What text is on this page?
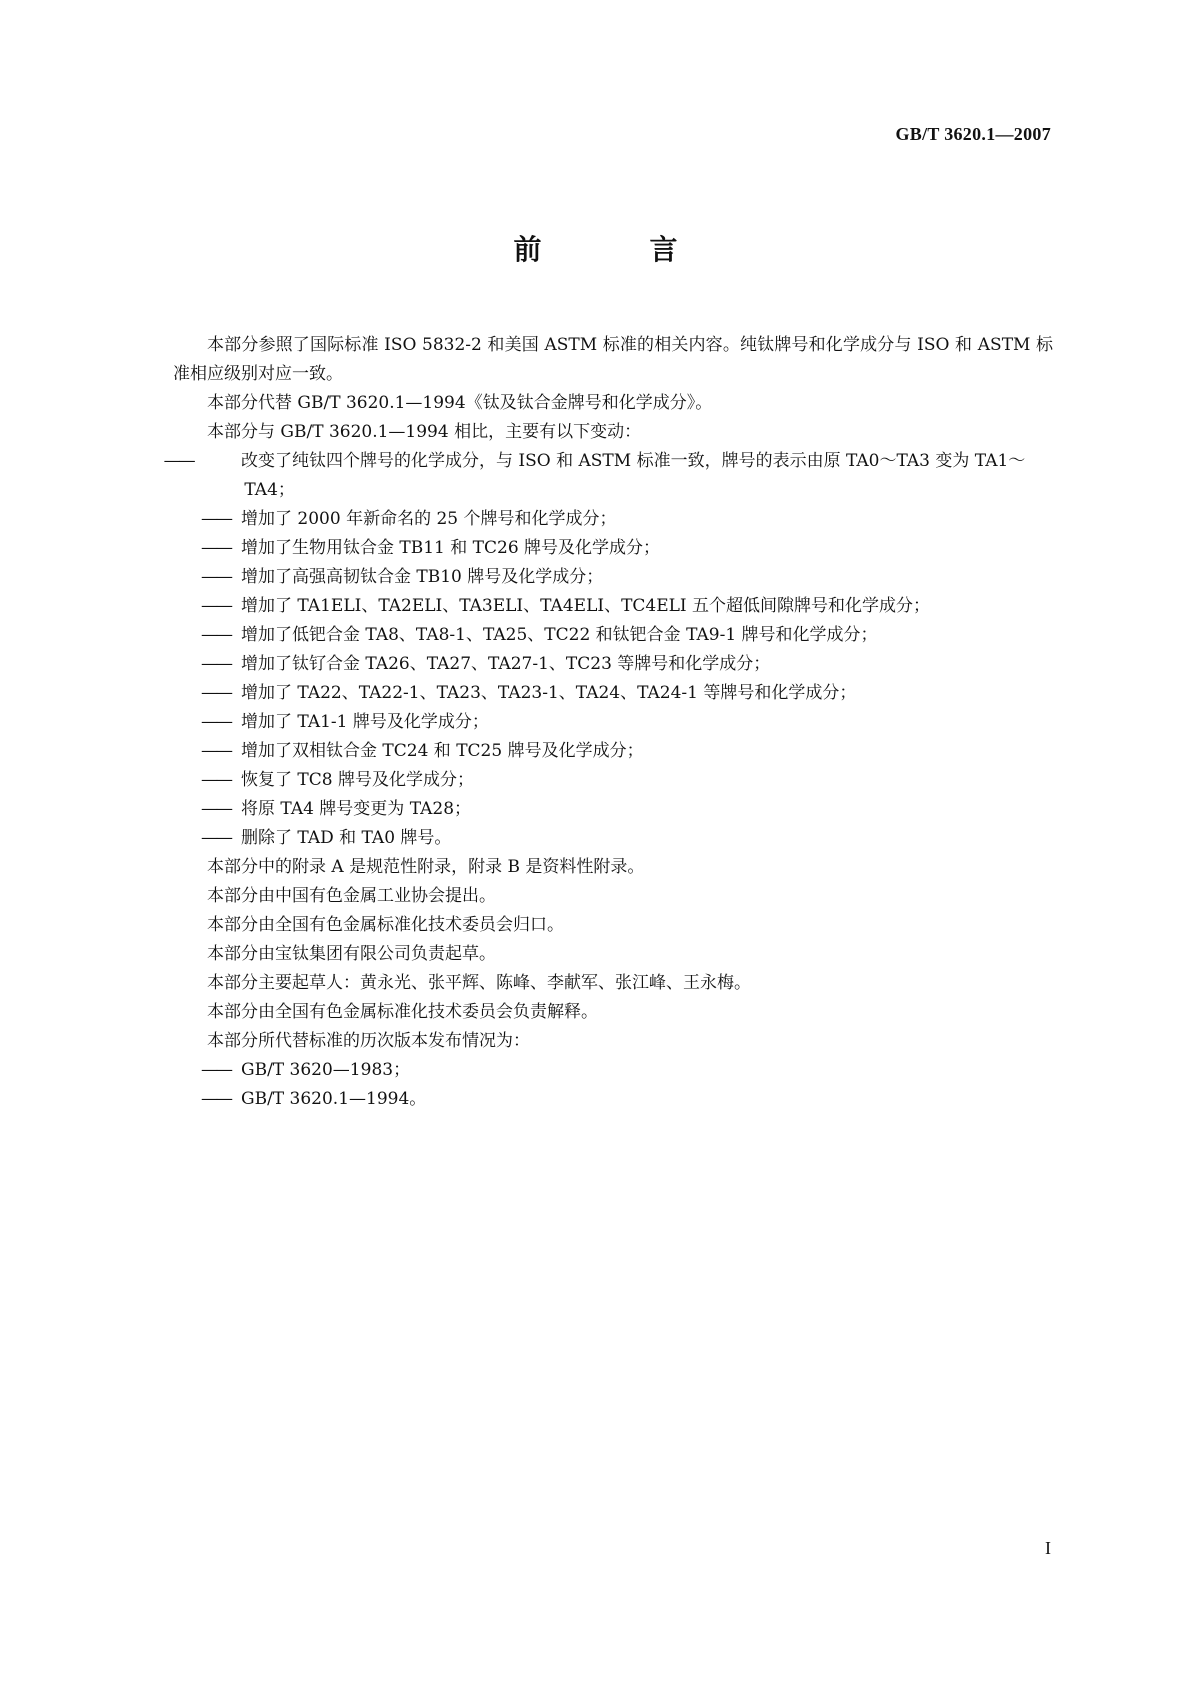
GB/T 3620.1—2007
前　言

本部分参照了国际标准 ISO 5832-2 和美国 ASTM 标准的相关内容。纯钛牌号和化学成分与 ISO 和 ASTM 标准相应级别对应一致。

本部分代替 GB/T 3620.1—1994《钛及钛合金牌号和化学成分》。

本部分与 GB/T 3620.1—1994 相比，主要有以下变动：

——	改变了纯钛四个牌号的化学成分，与 ISO 和 ASTM 标准一致，牌号的表示由原 TA0～TA3 变为 TA1～TA4；

—— 增加了 2000 年新命名的 25 个牌号和化学成分；

—— 增加了生物用钛合金 TB11 和 TC26 牌号及化学成分；

—— 增加了高强高韧钛合金 TB10 牌号及化学成分；

—— 增加了 TA1ELI、TA2ELI、TA3ELI、TA4ELI、TC4ELI 五个超低间隙牌号和化学成分；

—— 增加了低钯合金 TA8、TA8-1、TA25、TC22 和钛钯合金 TA9-1 牌号和化学成分；

—— 增加了钛钌合金 TA26、TA27、TA27-1、TC23 等牌号和化学成分；

—— 增加了 TA22、TA22-1、TA23、TA23-1、TA24、TA24-1 等牌号和化学成分；

—— 增加了 TA1-1 牌号及化学成分；

—— 增加了双相钛合金 TC24 和 TC25 牌号及化学成分；

—— 恢复了 TC8 牌号及化学成分；

—— 将原 TA4 牌号变更为 TA28；

—— 删除了 TAD 和 TA0 牌号。

本部分中的附录 A 是规范性附录，附录 B 是资料性附录。

本部分由中国有色金属工业协会提出。

本部分由全国有色金属标准化技术委员会归口。

本部分由宝钛集团有限公司负责起草。

本部分主要起草人：黄永光、张平辉、陈峰、李献军、张江峰、王永梅。

本部分由全国有色金属标准化技术委员会负责解释。

本部分所代替标准的历次版本发布情况为：

—— GB/T 3620—1983；

—— GB/T 3620.1—1994。

I
